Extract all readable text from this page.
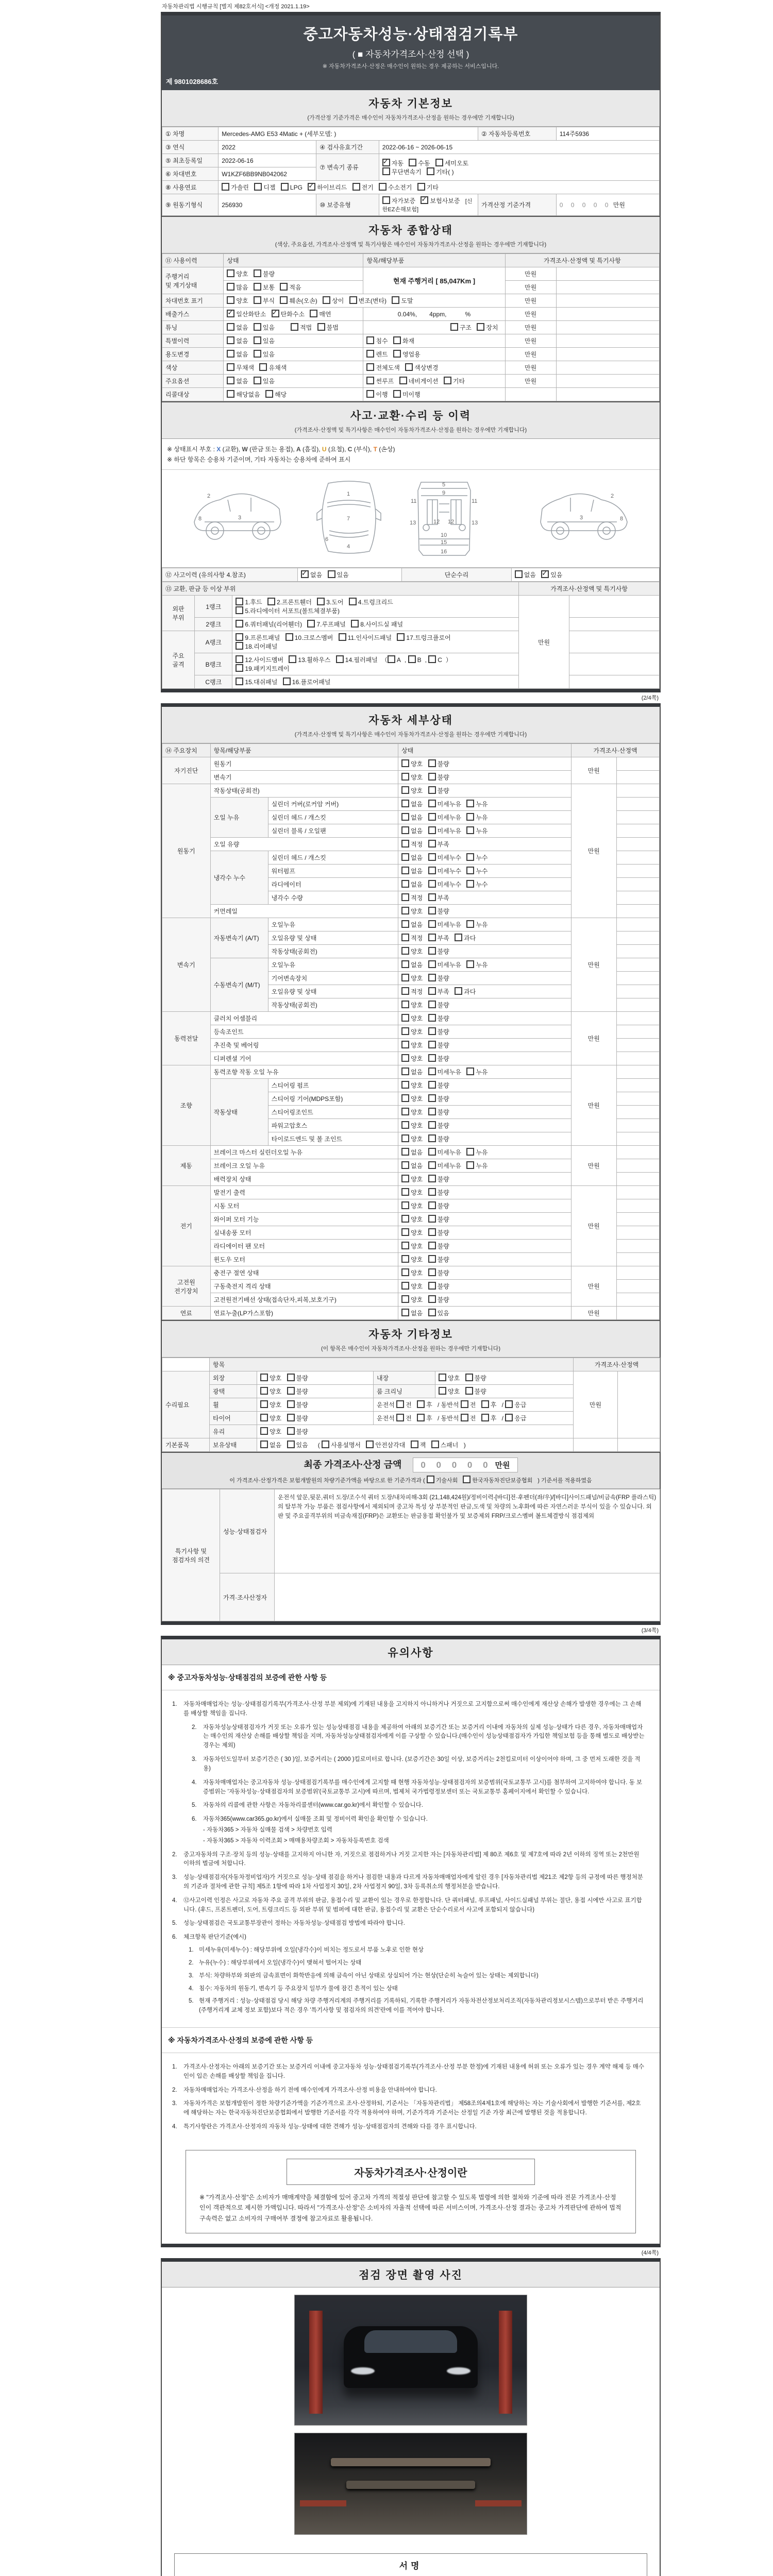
자동차관리법 시행규칙 [별지 제82호서식] <개정 2021.1.19>
중고자동차성능·상태점검기록부
( ■ 자동차가격조사·산정 선택 )
※ 자동차가격조사·산정은 매수인이 원하는 경우 제공하는 서비스입니다.
제 9801028686호
자동차 기본정보
(가격산정 기준가격은 매수인이 자동차가격조사·산정을 원하는 경우에만 기재합니다)
① 차명	Mercedes-AMG E53 4Matic + (세부모델: )			② 자동차등록번호	114주5936
③ 연식	2022	④ 검사유효기간	2022-06-16 ~ 2026-06-15		
⑤ 최초등록일	2022-06-16	⑦ 변속기 종류	✓자동 수동 세미오토
무단변속기 기타( )
⑥ 차대번호	W1KZF6BB9NB042062				
⑧ 사용연료	가솔린 디젤 LPG ✓ 하이브리드 전기 수소전기 기타
⑨ 원동기형식	256930	⑩ 보증유형	자가보증 ✓ 보험사보증 [신한EZ손해보험]	가격산정 기준가격	0 0 0 0 0 만원
자동차 종합상태
(색상, 주요옵션, 가격조사·산정액 및 특기사항은 매수인이 자동차가격조사·산정을 원하는 경우에만 기재합니다)
⑪ 사용이력	상태	항목/해당부품	가격조사·산정액 및 특기사항	
주행거리
및 계기상태	양호 불량	현재 주행거리 [ 85,047Km ]	만원	
	많음 보통 적음		만원	
차대번호 표기	양호 부식 훼손(오손) 상이 변조(변타) 도말		만원	
배출가스	✓일산화탄소 ✓ 탄화수소 매연	0.04%,　　4ppm,　　　%	만원	
튜닝	없음 있음　　 적법 불법	구조 장치	만원	
특별이력	없음 있음	침수 화재	만원	
용도변경	없음 있음	렌트 영업용	만원	
색상	무채색 유채색	전체도색 색상변경	만원	
주요옵션	없음 있음	썬루프 네비게이션 기타	만원	
리콜대상	해당없음 해당	이행 미이행		
사고·교환·수리 등 이력
(가격조사·산정액 및 특기사항은 매수인이 자동차가격조사·산정을 원하는 경우에만 기재합니다)
※ 상태표시 부호 : X (교환), W (판금 또는 용접), A (흠집), U (요철), C (부식), T (손상)
※ 하단 항목은 승용차 기준이며, 기타 자동차는 승용차에 준하여 표시
2
3
8
1
7
4
6
5
11	11
13	13
12 12
9
10
15
16
2
3	8
⑫ 사고이력 (유의사항 4.참조)	✓없음 있음	단순수리	없음 ✓ 있음
⑬ 교환, 판금 등 이상 부위			가격조사·산정액 및 특기사항	
외판
부위	1랭크	1.후드 2.프론트휀더 3.도어 4.트렁크리드
5.라디에이터 서포트(볼트체결부품)	만원	
	2랭크	6.쿼터패널(리어휀더) 7.루프패널 8.사이드실 패널		
주요
골격	A랭크	9.프론트패널 10.크로스멤버 11.인사이드패널 17.트렁크플로어
18.리어패널		
	B랭크	12.사이드멤버 13.휠하우스 14.필러패널 （ A , B , C ）
19.패키지트레이		
	C랭크	15.대쉬패널 16.플로어패널		
(2/4쪽)
자동차 세부상태
(가격조사·산정액 및 특기사항은 매수인이 자동차가격조사·산정을 원하는 경우에만 기재합니다)
⑭ 주요장치	항목/해당부품		상태	가격조사·산정액	
자기진단	원동기		양호 불량	만원	
	변속기		양호 불량		
원동기	작동상태(공회전)		양호 불량	만원	
	오일 누유	실린더 커버(로커암 커버)	없음 미세누유 누유		
		실린더 헤드 / 개스킷	없음 미세누유 누유		
		실린더 블록 / 오일팬	없음 미세누유 누유		
	오일 유량		적정 부족		
	냉각수 누수	실린더 헤드 / 개스킷	없음 미세누수 누수		
		워터펌프	없음 미세누수 누수		
		라디에이터	없음 미세누수 누수		
		냉각수 수량	적정 부족		
	커먼레일		양호 불량		
변속기	자동변속기 (A/T)	오일누유	없음 미세누유 누유	만원	
		오일유량 및 상태	적정 부족 과다		
		작동상태(공회전)	양호 불량		
	수동변속기 (M/T)	오일누유	없음 미세누유 누유		
		기어변속장치	양호 불량		
		오일유량 및 상태	적정 부족 과다		
		작동상태(공회전)	양호 불량		
동력전달	클러치 어셈블리		양호 불량	만원	
	등속조인트		양호 불량		
	추진축 및 베어링		양호 불량		
	디퍼렌셜 기어		양호 불량		
조향	동력조향 작동 오일 누유		없음 미세누유 누유	만원	
	작동상태	스티어링 펌프	양호 불량		
		스티어링 기어(MDPS포함)	양호 불량		
		스티어링조인트	양호 불량		
		파워고압호스	양호 불량		
		타이로드엔드 및 볼 조인트	양호 불량		
제동	브레이크 마스터 실린더오일 누유		없음 미세누유 누유	만원	
	브레이크 오일 누유		없음 미세누유 누유		
	배력장치 상태		양호 불량		
전기	발전기 출력		양호 불량	만원	
	시동 모터		양호 불량		
	와이퍼 모터 기능		양호 불량		
	실내송풍 모터		양호 불량		
	라디에이터 팬 모터		양호 불량		
	윈도우 모터		양호 불량		
고전원
전기장치	충전구 절연 상태		양호 불량	만원	
	구동축전지 격리 상태		양호 불량		
	고전원전기배선 상태(접속단자,피복,보호기구)		양호 불량		
연료	연료누출(LP가스포함)		없음 있음	만원	
자동차 기타정보
(이 항목은 매수인이 자동차가격조사·산정을 원하는 경우에만 기재합니다)
	항목				가격조사·산정액	
수리필요	외장	양호 불량	내장	양호 불량	만원	
	광택	양호 불량	룸 크리닝	양호 불량		
	휠	양호 불량	운전석 전 후 / 동반석 전 후 / 응급			
	타이어	양호 불량	운전석 전 후 / 동반석 전 후 / 응급			
	유리	양호 불량				
기본품목	보유상태	없음 있음　( 사용설명서 안전삼각대 잭 스패너 )				
최종 가격조사·산정 금액 0 0 0 0 0 만원
이 가격조사·산정가격은 보험개발원의 차량기준가액을 바탕으로 한 기준가격과 ( 기술사회	한국자동차진단보증협회 ) 기준서를 적용하였음
특기사항 및
점검자의 의견	성능·상태점검자	운전석 앞문,뒷문,쿼터 도장/조수석 쿼터 도장/내차피해-3회 (21,148,424원)/정비이력-[바디]전·후펜더(좌/우)/[바디]사이드패널/비금속(FRP 플라스틱)의 탈부착 가능 부품은 점검사항에서 제외되며 중고차 특성 상 부분적인 판금,도색 및 차량의 노후화에 따른 자연스러운 부식이 있을 수 있습니다. 외판 및 주요골격부위의 비금속재질(FRP)은 교환또는 판금용접 확인불가 및 보증제외 FRP/크로스멤버 볼트체결방식 점검제외
	가격·조사산정자	
(3/4쪽)
유의사항
※ 중고자동차성능·상태점검의 보증에 관한 사항 등
1.	자동차매매업자는 성능·상태점검기록부(가격조사·산정 부분 제외)에 기재된 내용을 고지하지 아니하거나 거짓으로 고지함으로써 매수인에게 재산상 손해가 발생한 경우에는 그 손해를 배상할 책임을 집니다.
2.	자동차성능상태점검자가 거짓 또는 오류가 있는 성능상태점검 내용을 제공하여 아래의 보증기간 또는 보증거리 이내에 자동차의 실제 성능·상태가 다른 경우, 자동차매매업자는 매수인의 재산상 손해를 배상할 책임을 지며, 자동차성능상태점검자에게 이를 구상할 수 있습니다.(매수인이 성능상태점검자가 가입한 책임보험 등을 통해 별도로 배상받는 경우는 제외)
3.	자동차인도일부터 보증기간은 ( 30 )일, 보증거리는 ( 2000 )킬로미터로 합니다. (보증기간은 30일 이상, 보증거리는 2천킬로미터 이상이어야 하며, 그 중 먼저 도래한 것을 적용)
4.	자동차매매업자는 중고자동차 성능·상태점검기록부를 매수인에게 고지할 때 현행 자동차성능·상태점검자의 보증범위(국토교통부 고시)를 첨부하여 고지하여야 합니다. 동 보증범위는 '자동차성능·상태점검자의 보증범위'(국토교통부 고시)에 따르며, 법제처 국가법령정보센터 또는 국토교통부 홈페이지에서 확인할 수 있습니다.
5.	자동차의 리콜에 관한 사항은 자동차리콜센터(www.car.go.kr)에서 확인할 수 있습니다.
6.	자동차365(www.car365.go.kr)에서 실매물 조회 및 정비이력 확인을 확인할 수 있습니다.
- 자동차365 > 자동차 실매물 검색 > 차량번호 입력
- 자동차365 > 자동차 이력조회 > 매매용차량조회 > 자동차등록번호 검색
2.	중고자동차의 구조·장치 등의 성능·상태를 고지하지 아니한 자, 거짓으로 점검하거나 거짓 고지한 자는 [자동차관리법] 제 80조 제6호 및 제7호에 따라 2년 이하의 징역 또는 2천만원 이하의 벌금에 처합니다.
3.	성능·상태점검자(자동차정비업자)가 거짓으로 성능·상태 점검을 하거나 점검한 내용과 다르게 자동차매매업자에게 알린 경우 [자동차관리법 제21조 제2항 등의 규정에 따른 행정처분의 기준과 절차에 관한 규칙] 제5조 1항에 따라 1차 사업정지 30일, 2차 사업정지 90일, 3차 등록취소의 행정처분을 받습니다.
4.	⑫사고이력 인정은 사고로 자동차 주요 골격 부위의 판금, 용접수리 및 교환이 있는 경우로 한정합니다. 단 쿼터패널, 루프패널, 사이드실패널 부위는 절단, 용접 시에만 사고로 표기합니다. (후드, 프론트펜더, 도어, 트렁크리드 등 외판 부위 및 범퍼에 대한 판금, 용접수리 및 교환은 단순수리로서 사고에 포함되지 않습니다)
5.	성능·상태점검은 국토교통부장관이 정하는 자동차성능·상태점검 방법에 따라야 합니다.
6.	체크항목 판단기준(예시)
1. 미세누유(미세누수) : 해당부위에 오일(냉각수)이 비치는 정도로서 부품 노후로 인한 현상
2. 누유(누수) : 해당부위에서 오일(냉각수)이 맺혀서 떨어지는 상태
3. 부식: 차량하부와 외판의 금속표면이 화학반응에 의해 금속이 아닌 상태로 상실되어 가는 현상(단순히 녹슬어 있는 상태는 제외합니다)
4. 침수: 자동차의 원동기, 변속기 등 주요장치 일부가 물에 잠긴 흔적이 있는 상태
5. 현재 주행거리 : 성능·상태점검 당시 해당 차량 주행거리계의 주행거리를 기록하되, 기록한 주행거리가 자동차전산정보처리조직(자동차관리정보시스템)으로부터 받은 주행거리(주행거리계 교체 정보 포함)보다 적은 경우 '특기사항 및 점검자의 의견'란에 이를 적어야 합니다.
※ 자동차가격조사·산정의 보증에 관한 사항 등
1.	가격조사·산정자는 아래의 보증기간 또는 보증거리 이내에 중고자동차 성능·상태점검기록부(가격조사·산정 부분 한정)에 기재된 내용에 허위 또는 오류가 있는 경우 계약 해제 등 매수인이 입은 손해를 배상할 책임을 집니다.
2.	자동차매매업자는 가격조사·산정을 하기 전에 매수인에게 가격조사·산정 비용을 안내하여야 합니다.
3.	자동차가격은 보험개발원이 정한 차량기준가액을 기준가격으로 조사·산정하되, 기준서는 「자동차관리법」 제58조의4제1호에 해당하는 자는 기술사회에서 발행한 기준서를, 제2호에 해당하는 자는 한국자동차진단보증협회에서 발행한 기준서를 각각 적용하여야 하며, 기준가격과 기준서는 산정일 기준 가장 최근에 발행된 것을 적용합니다.
4.	특기사항란은 가격조사·산정자의 자동차 성능·상태에 대한 견해가 성능·상태점검자의 견해와 다를 경우 표시합니다.
자동차가격조사·산정이란
※ "가격조사·산정"은 소비자가 매매계약을 체결함에 있어 중고차 가격의 적절성 판단에 참고할 수 있도록 법령에 의한 절차와 기준에 따라 전문 가격조사·산정인이 객관적으로 제시한 가액입니다. 따라서 "가격조사·산정"은 소비자의 자율적 선택에 따른 서비스이며, 가격조사·산정 결과는 중고차 가격판단에 관하여 법적 구속력은 없고 소비자의 구매여부 결정에 참고자료로 활용됩니다.
(4/4쪽)
점검 장면 촬영 사진
서명
